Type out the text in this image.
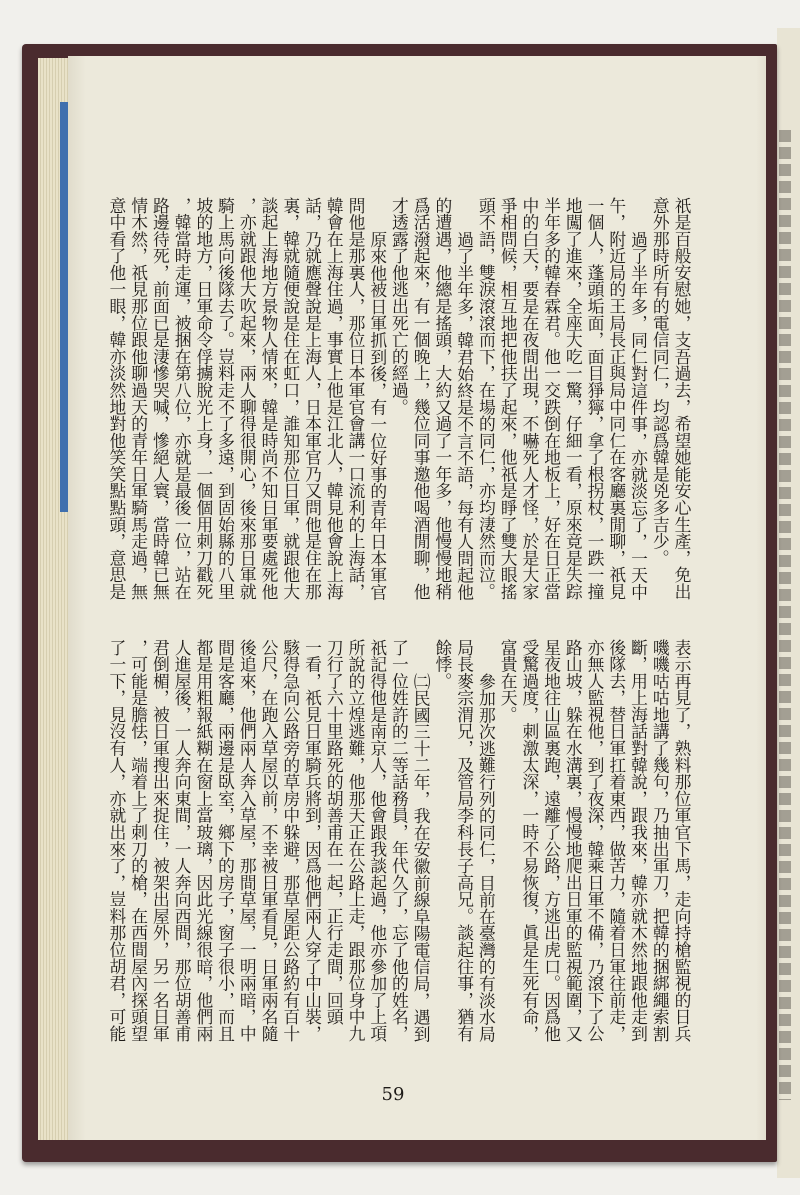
祇是百般安慰她，支吾過去，希望她能安心生產，免出
意外那時所有的電信同仁，均認爲韓是兇多吉少。
過了半年多，同仁對這件事，亦就淡忘了，一天中
午，附近局的王局長正與局中同仁在客廳裏閒聊，祇見
一個人，蓬頭垢面，面目猙獰，拿了根拐杖，一跌一撞
地闖了進來，全座大吃一驚，仔細一看，原來竟是失踪
半年多的韓春霖君。他一交跌倒在地板上，好在日正當
中的白天，要是在夜間出現，不嚇死人才怪，於是大家
爭相問候，相互地把他扶了起來，他祇是睜了雙大眼搖
頭不語，雙淚滾滾而下，在場的同仁，亦均淒然而泣。
過了半年多，韓君始終是不言不語，每有人問起他
的遭遇，他總是搖頭，大約又過了一年多，他慢慢地稍
爲活潑起來，有一個晚上，幾位同事邀他喝酒閒聊，他
才透露了他逃出死亡的經過。
原來他被日軍抓到後，有一位好事的青年日本軍官
問他是那裏人，那位日本軍官會講一口流利的上海話，
韓會在上海住過，事實上他是江北人，韓見他會說上海
話，乃就應聲說是上海人，日本軍官乃又問他是住在那
裏，韓就隨便說是住在虹口，誰知那位日軍，就跟他大
談起上海地方景物人情來，韓是時尚不知日軍要處死他
，亦就跟他大吹起來，兩人聊得很開心，後來那日軍就
騎上馬向後隊去了。豈料走不了多遠，到固始縣的八里
坡的地方，日軍命令俘擄脫光上身，一個個用刺刀戳死
，韓當時走運，被捆在第八位，亦就是最後一位，站在
路邊待死，前面已是淒慘哭喊，慘絕人寰，當時韓已無
情木然，祇見那位跟他聊過天的青年日軍騎馬走過，無
意中看了他一眼，韓亦淡然地對他笑笑點點頭，意思是
表示再見了，熟料那位軍官下馬，走向持槍監視的日兵
嘰嘰咕咕地講了幾句，乃抽出軍刀，把韓的捆綁繩索割
斷，用上海話對韓說，跟我來，韓亦就木然地跟他走到
後隊去，替日軍扛着東西，做苦力，隨着日軍往前走，
亦無人監視他，到了夜深，韓乘日軍不備，乃滾下了公
路山坡，躲在水溝裏，慢慢地爬出日軍的監視範圍，又
星夜地往山區裏跑，遠離了公路，方逃出虎口。因爲他
受驚過度，刺激太深，一時不易恢復，眞是生死有命，
富貴在天。
參加那次逃難行列的同仁，目前在臺灣的有淡水局
局長麥宗渭兄，及管局李科長子高兄。談起往事，猶有
餘悸。
㈡民國三十二年，我在安徽前線阜陽電信局，遇到
了一位姓許的二等話務員，年代久了，忘了他的姓名，
祇記得他是南京人，他會跟我談起過，他亦參加了上項
所說的立煌逃難，他那天正在公路上走，跟那位身中九
刀行了六十里路死的胡善甫在一起，正行走間，回頭
一看，祇見日軍騎兵將到，因爲他們兩人穿了中山裝，
駭得急向公路旁的草房中躲避，那草屋距公路約有百十
公尺，在跑入草屋以前，不幸被日軍看見，日軍兩名隨
後追來，他們兩人奔入草屋，那間草屋，一明兩暗，中
間是客廳，兩邊是臥室，鄉下的房子，窗子很小，而且
都是用粗報紙糊在窗上當玻璃，因此光線很暗，他們兩
人進屋後，一人奔向東間，一人奔向西間，那位胡善甫
君倒楣，被日軍搜出來捉住，被架出屋外，另一名日軍
，可能是膽怯，端着上了刺刀的槍，在西間屋內探頭望
了一下，見沒有人，亦就出來了，豈料那位胡君，可能
59
